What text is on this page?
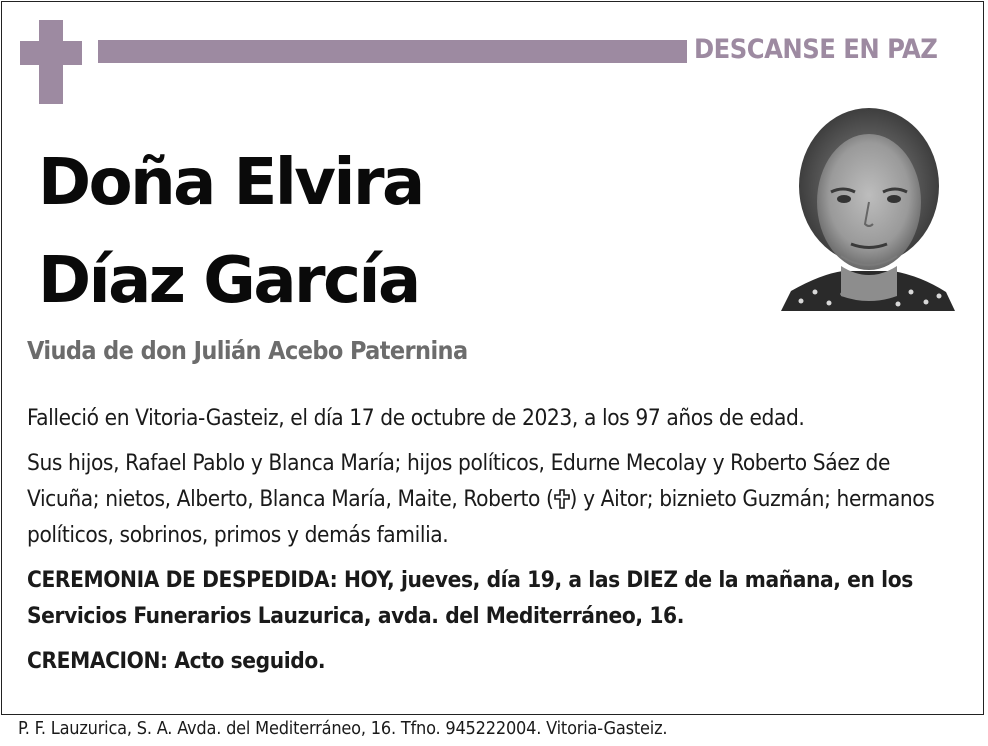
DESCANSE EN PAZ
Doña Elvira
Díaz García
Viuda de don Julián Acebo Paternina

Falleció en Vitoria-Gasteiz, el día 17 de octubre de 2023, a los 97 años de edad.

Sus hijos, Rafael Pablo y Blanca María; hijos políticos, Edurne Mecolay y Roberto Sáez de Vicuña; nietos, Alberto, Blanca María, Maite, Roberto ( ) y Aitor; biznieto Guzmán; hermanos políticos, sobrinos, primos y demás familia.

CEREMONIA DE DESPEDIDA: HOY, jueves, día 19, a las DIEZ de la mañana, en los Servicios Funerarios Lauzurica, avda. del Mediterráneo, 16.

CREMACION: Acto seguido.

P. F. Lauzurica, S. A. Avda. del Mediterráneo, 16. Tfno. 945222004. Vitoria-Gasteiz.
